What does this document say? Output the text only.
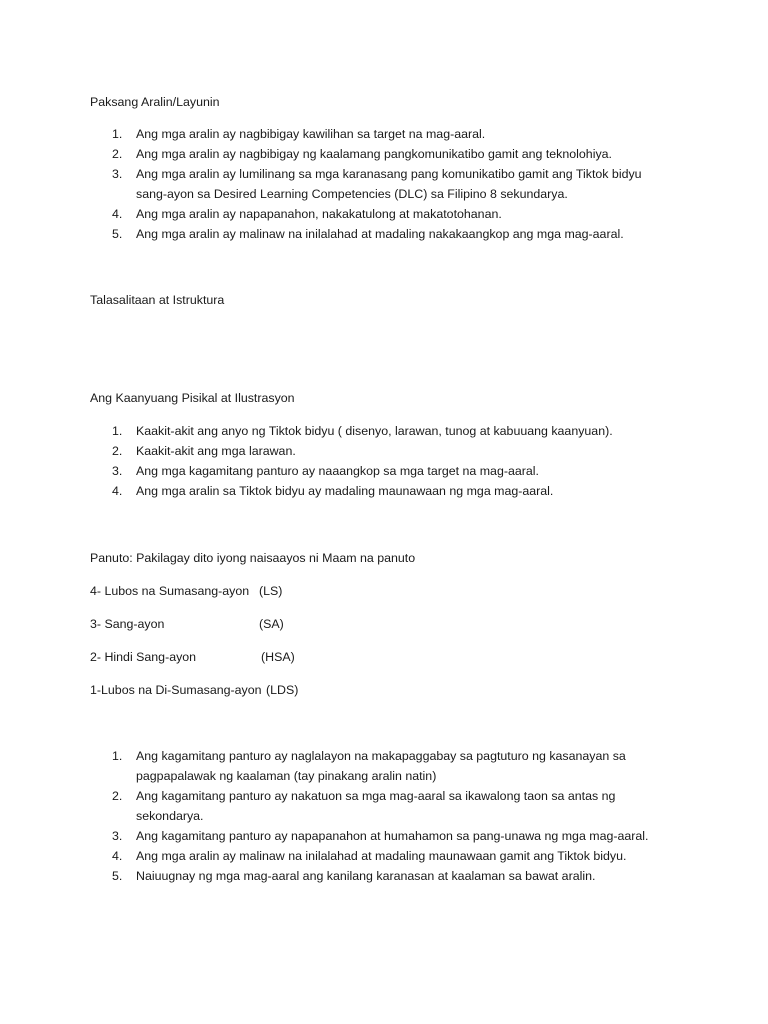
Paksang Aralin/Layunin
1. Ang mga aralin ay nagbibigay kawilihan sa target na mag-aaral.
2. Ang mga aralin ay nagbibigay ng kaalamang pangkomunikatibo gamit ang teknolohiya.
3. Ang mga aralin ay lumilinang sa mga karanasang pang komunikatibo gamit ang Tiktok bidyu sang-ayon sa Desired Learning Competencies (DLC) sa Filipino 8 sekundarya.
4. Ang mga aralin ay napapanahon, nakakatulong at makatotohanan.
5. Ang mga aralin ay malinaw na inilalahad at madaling nakakaangkop ang mga mag-aaral.
Talasalitaan at Istruktura
Ang Kaanyuang Pisikal at Ilustrasyon
1. Kaakit-akit ang anyo ng Tiktok bidyu ( disenyo, larawan, tunog at kabuuang kaanyuan).
2. Kaakit-akit ang mga larawan.
3. Ang mga kagamitang panturo ay naaangkop sa mga target na mag-aaral.
4. Ang mga aralin sa Tiktok bidyu ay madaling maunawaan ng mga mag-aaral.
Panuto: Pakilagay dito iyong naisaayos ni Maam na panuto
4- Lubos na Sumasang-ayon (LS)
3- Sang-ayon	(SA)
2- Hindi Sang-ayon	(HSA)
1-Lubos na Di-Sumasang-ayon (LDS)
1. Ang kagamitang panturo ay naglalayon na makapaggabay sa pagtuturo ng kasanayan sa pagpapalawak ng kaalaman (tay pinakang aralin natin)
2. Ang kagamitang panturo ay nakatuon sa mga mag-aaral sa ikawalong taon sa antas ng sekondarya.
3. Ang kagamitang panturo ay napapanahon at humahamon sa pang-unawa ng mga mag-aaral.
4. Ang mga aralin ay malinaw na inilalahad at madaling maunawaan gamit ang Tiktok bidyu.
5. Naiuugnay ng mga mag-aaral ang kanilang karanasan at kaalaman sa bawat aralin.
